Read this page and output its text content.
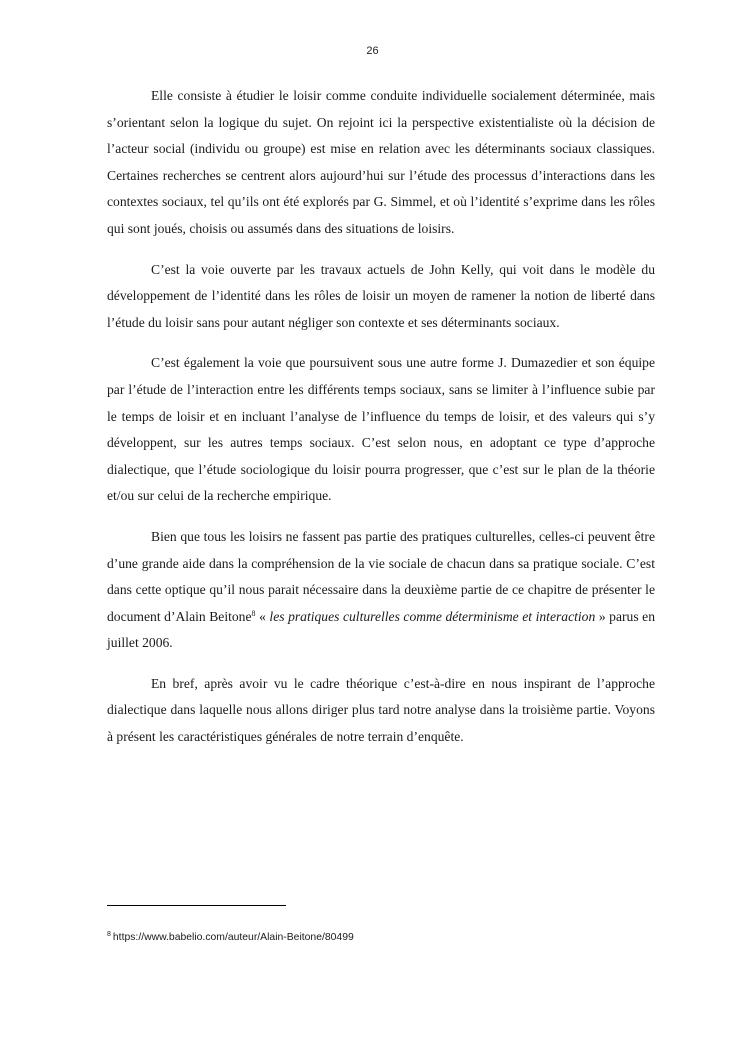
26

Elle consiste à étudier le loisir comme conduite individuelle socialement déterminée, mais s’orientant selon la logique du sujet. On rejoint ici la perspective existentialiste où la décision de l’acteur social (individu ou groupe) est mise en relation avec les déterminants sociaux classiques. Certaines recherches se centrent alors aujourd’hui sur l’étude des processus d’interactions dans les contextes sociaux, tel qu’ils ont été explorés par G. Simmel, et où l’identité s’exprime dans les rôles qui sont joués, choisis ou assumés dans des situations de loisirs.

C’est la voie ouverte par les travaux actuels de John Kelly, qui voit dans le modèle du développement de l’identité dans les rôles de loisir un moyen de ramener la notion de liberté dans l’étude du loisir sans pour autant négliger son contexte et ses déterminants sociaux.

C’est également la voie que poursuivent sous une autre forme J. Dumazedier et son équipe par l’étude de l’interaction entre les différents temps sociaux, sans se limiter à l’influence subie par le temps de loisir et en incluant l’analyse de l’influence du temps de loisir, et des valeurs qui s’y développent, sur les autres temps sociaux. C’est selon nous, en adoptant ce type d’approche dialectique, que l’étude sociologique du loisir pourra progresser, que c’est sur le plan de la théorie et/ou sur celui de la recherche empirique.

Bien que tous les loisirs ne fassent pas partie des pratiques culturelles, celles-ci peuvent être d’une grande aide dans la compréhension de la vie sociale de chacun dans sa pratique sociale. C’est dans cette optique qu’il nous parait nécessaire dans la deuxième partie de ce chapitre de présenter le document d’Alain Beitone$^8$ « les pratiques culturelles comme déterminisme et interaction » parus en juillet 2006.

En bref, après avoir vu le cadre théorique c’est-à-dire en nous inspirant de l’approche dialectique dans laquelle nous allons diriger plus tard notre analyse dans la troisième partie. Voyons à présent les caractéristiques générales de notre terrain d’enquête.

$^8$ https://www.babelio.com/auteur/Alain-Beitone/80499
